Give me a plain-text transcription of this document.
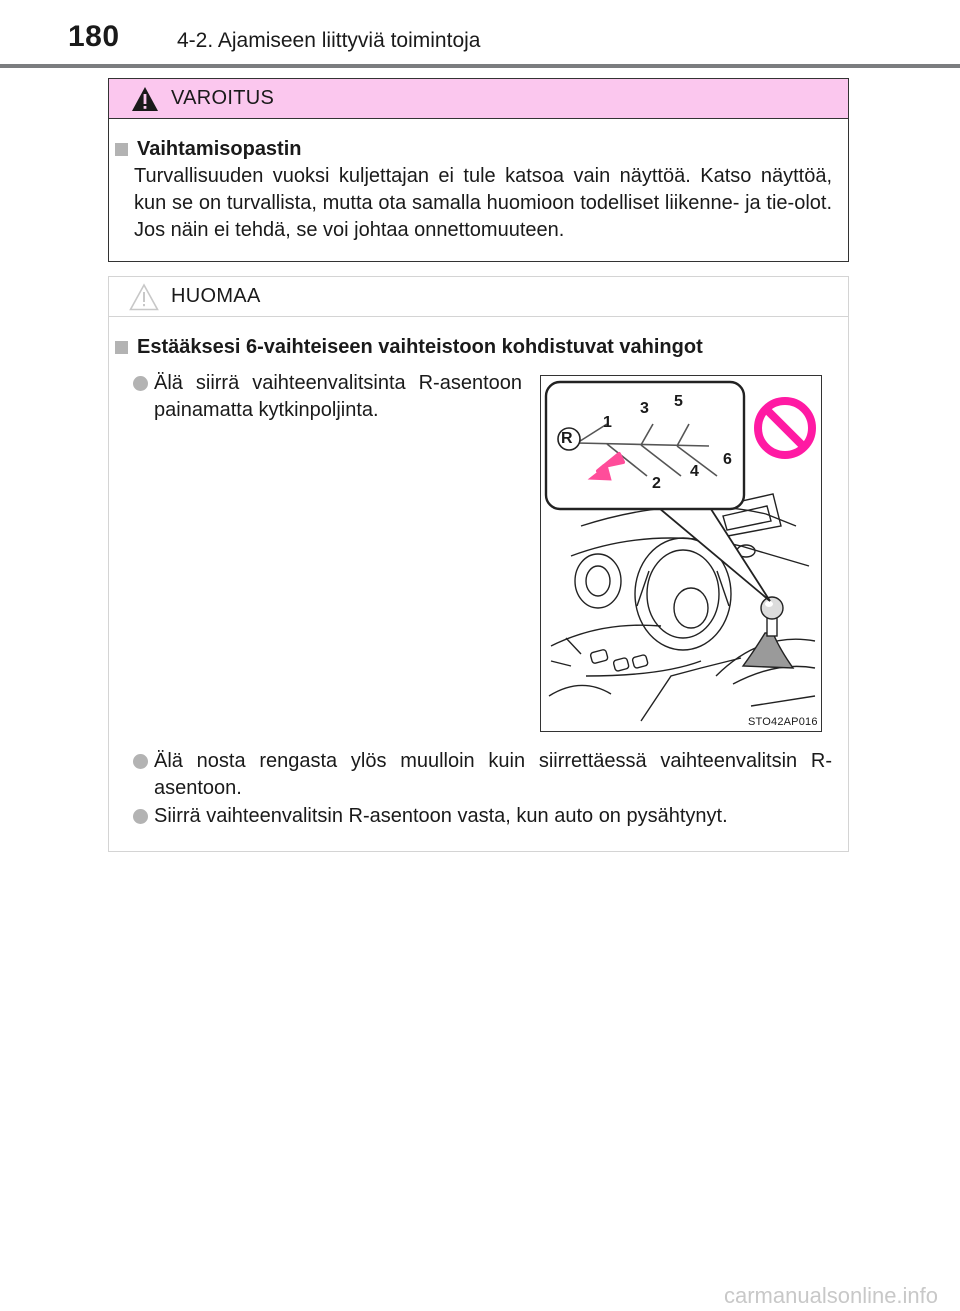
180	4-2. Ajamiseen liittyviä toimintoja
VAROITUS
Vaihtamisopastin

Turvallisuuden vuoksi kuljettajan ei tule katsoa vain näyttöä. Katso näyttöä, kun se on turvallista, mutta ota samalla huomioon todelliset liikenne- ja tie-olot. Jos näin ei tehdä, se voi johtaa onnettomuuteen.

HUOMAA
Estääksesi 6-vaihteiseen vaihteistoon kohdistuvat vahingot

Älä siirrä vaihteenvalitsinta R-asentoon painamatta kytkinpoljinta.

Älä nosta rengasta ylös muulloin kuin siirrettäessä vaihteenvalitsin R-asentoon.

Siirrä vaihteenvalitsin R-asentoon vasta, kun auto on pysähtynyt.

R
1
3 5
2
4
6
STO42AP016
carmanualsonline.info
